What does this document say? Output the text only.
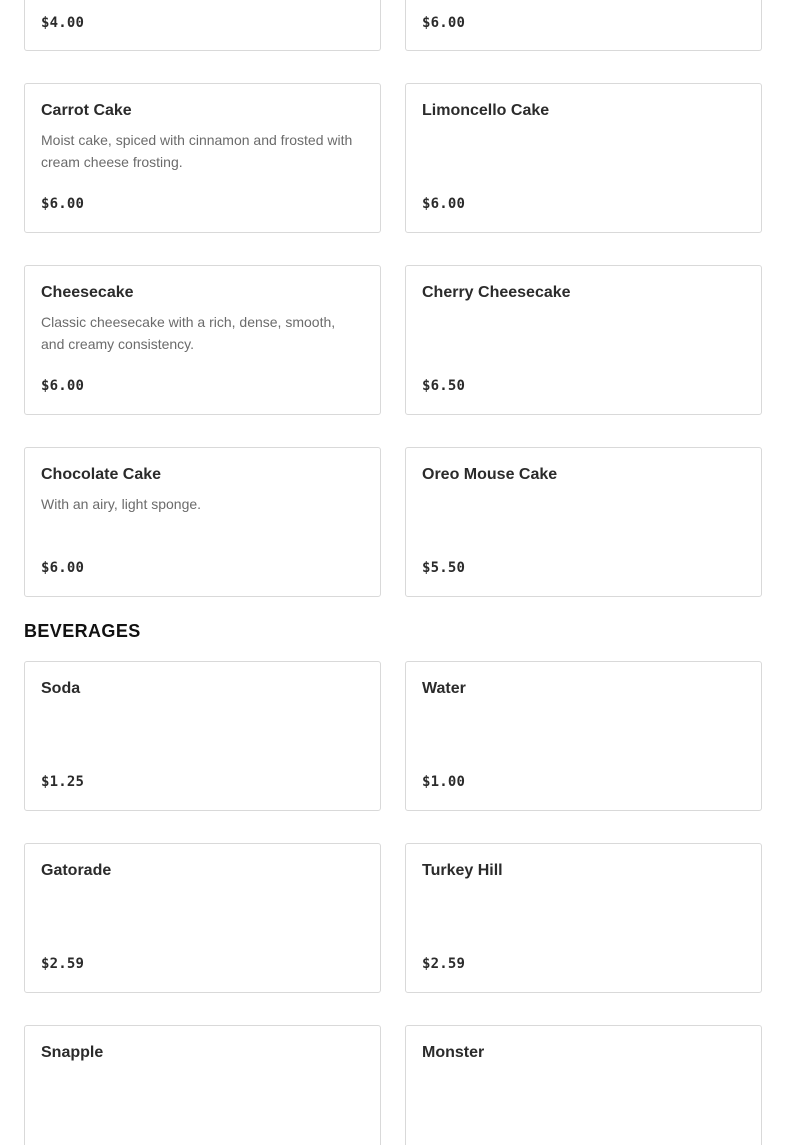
$4.00	$6.00
Carrot Cake
Moist cake, spiced with cinnamon and frosted with cream cheese frosting.
$6.00
Limoncello Cake
$6.00
Cheesecake
Classic cheesecake with a rich, dense, smooth, and creamy consistency.
$6.00
Cherry Cheesecake
$6.50
Chocolate Cake
With an airy, light sponge.
$6.00
Oreo Mouse Cake
$5.50
BEVERAGES
Soda
$1.25
Water
$1.00
Gatorade
$2.59
Turkey Hill
$2.59
Snapple	Monster
